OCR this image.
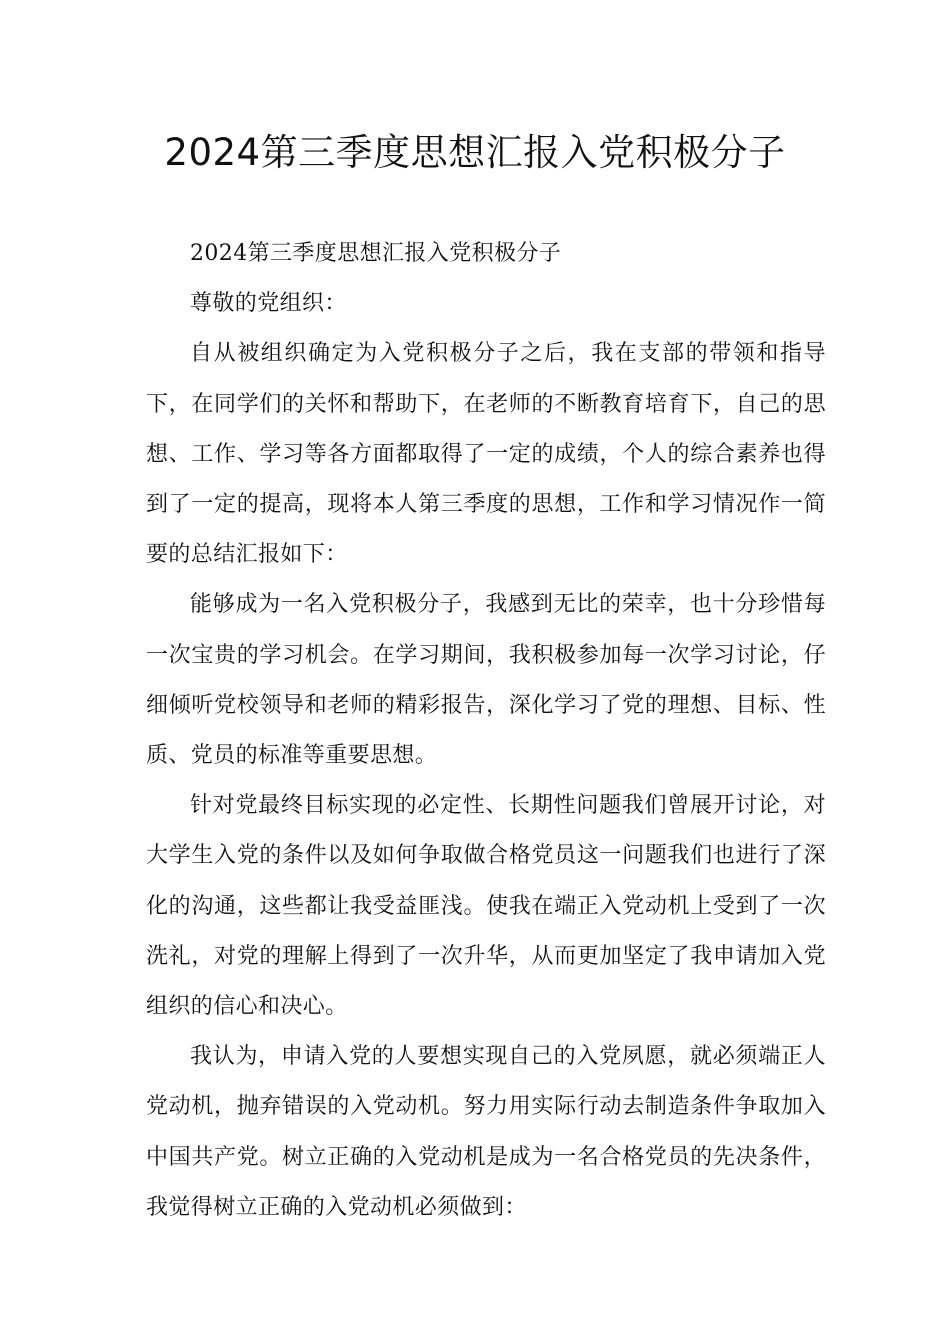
2024第三季度思想汇报入党积极分子

2024第三季度思想汇报入党积极分子

尊敬的党组织：

自从被组织确定为入党积极分子之后，我在支部的带领和指导下，在同学们的关怀和帮助下，在老师的不断教育培育下，自己的思想、工作、学习等各方面都取得了一定的成绩，个人的综合素养也得到了一定的提高，现将本人第三季度的思想，工作和学习情况作一简要的总结汇报如下：

能够成为一名入党积极分子，我感到无比的荣幸，也十分珍惜每一次宝贵的学习机会。在学习期间，我积极参加每一次学习讨论，仔细倾听党校领导和老师的精彩报告，深化学习了党的理想、目标、性质、党员的标准等重要思想。

针对党最终目标实现的必定性、长期性问题我们曾展开讨论，对大学生入党的条件以及如何争取做合格党员这一问题我们也进行了深化的沟通，这些都让我受益匪浅。使我在端正入党动机上受到了一次洗礼，对党的理解上得到了一次升华，从而更加坚定了我申请加入党组织的信心和决心。

我认为，申请入党的人要想实现自己的入党夙愿，就必须端正人党动机，抛弃错误的入党动机。努力用实际行动去制造条件争取加入中国共产党。树立正确的入党动机是成为一名合格党员的先决条件，我觉得树立正确的入党动机必须做到：
